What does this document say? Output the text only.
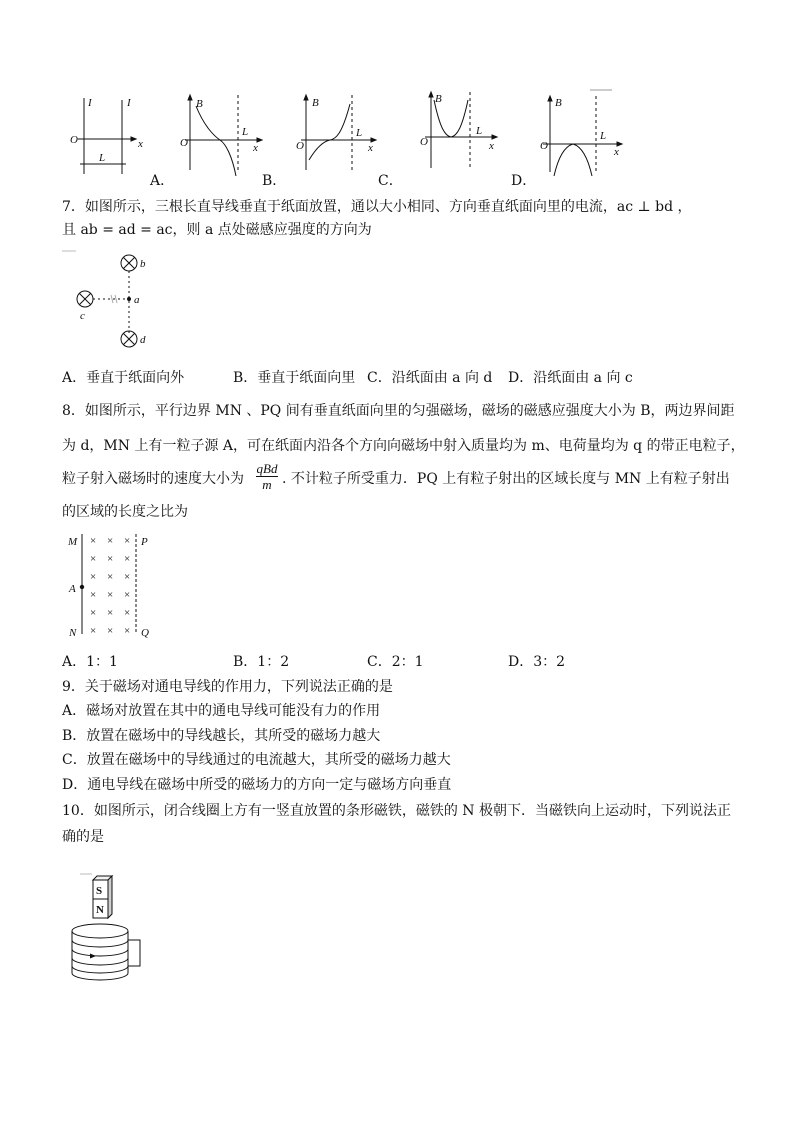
I	I
O
L
x
B
O
L
x
B
O
L
x
B
O
L
x
B
O
L
x
A．	B．	C．	D．
7．如图所示，三根长直导线垂直于纸面放置，通以大小相同、方向垂直纸面向里的电流，ac ⊥ bd ，
且 ab = ad = ac，则 a 点处磁感应强度的方向为
b
a
c
d
A．垂直于纸面向外	B．垂直于纸面向里 C．沿纸面由 a 向 d D．沿纸面由 a 向 c
8．如图所示，平行边界 MN 、PQ 间有垂直纸面向里的匀强磁场，磁场的磁感应强度大小为 B，两边界间距
为 d，MN 上有一粒子源 A，可在纸面内沿各个方向向磁场中射入质量均为 m、电荷量均为 q 的带正电粒子，
粒子射入磁场时的速度大小为
qBd
m . 不计粒子所受重力．PQ 上有粒子射出的区域长度与 MN 上有粒子射出
的区域的长度之比为
× × ×
× × ×
× × ×
× × ×
× × ×
× × ×
M	P
A
N	Q
A．1：1	B．1：2	C．2：1	D．3：2
9．关于磁场对通电导线的作用力，下列说法正确的是
A．磁场对放置在其中的通电导线可能没有力的作用
B．放置在磁场中的导线越长，其所受的磁场力越大
C．放置在磁场中的导线通过的电流越大，其所受的磁场力越大
D．通电导线在磁场中所受的磁场力的方向一定与磁场方向垂直
10．如图所示，闭合线圈上方有一竖直放置的条形磁铁，磁铁的 N 极朝下．当磁铁向上运动时，下列说法正
确的是
S
N
